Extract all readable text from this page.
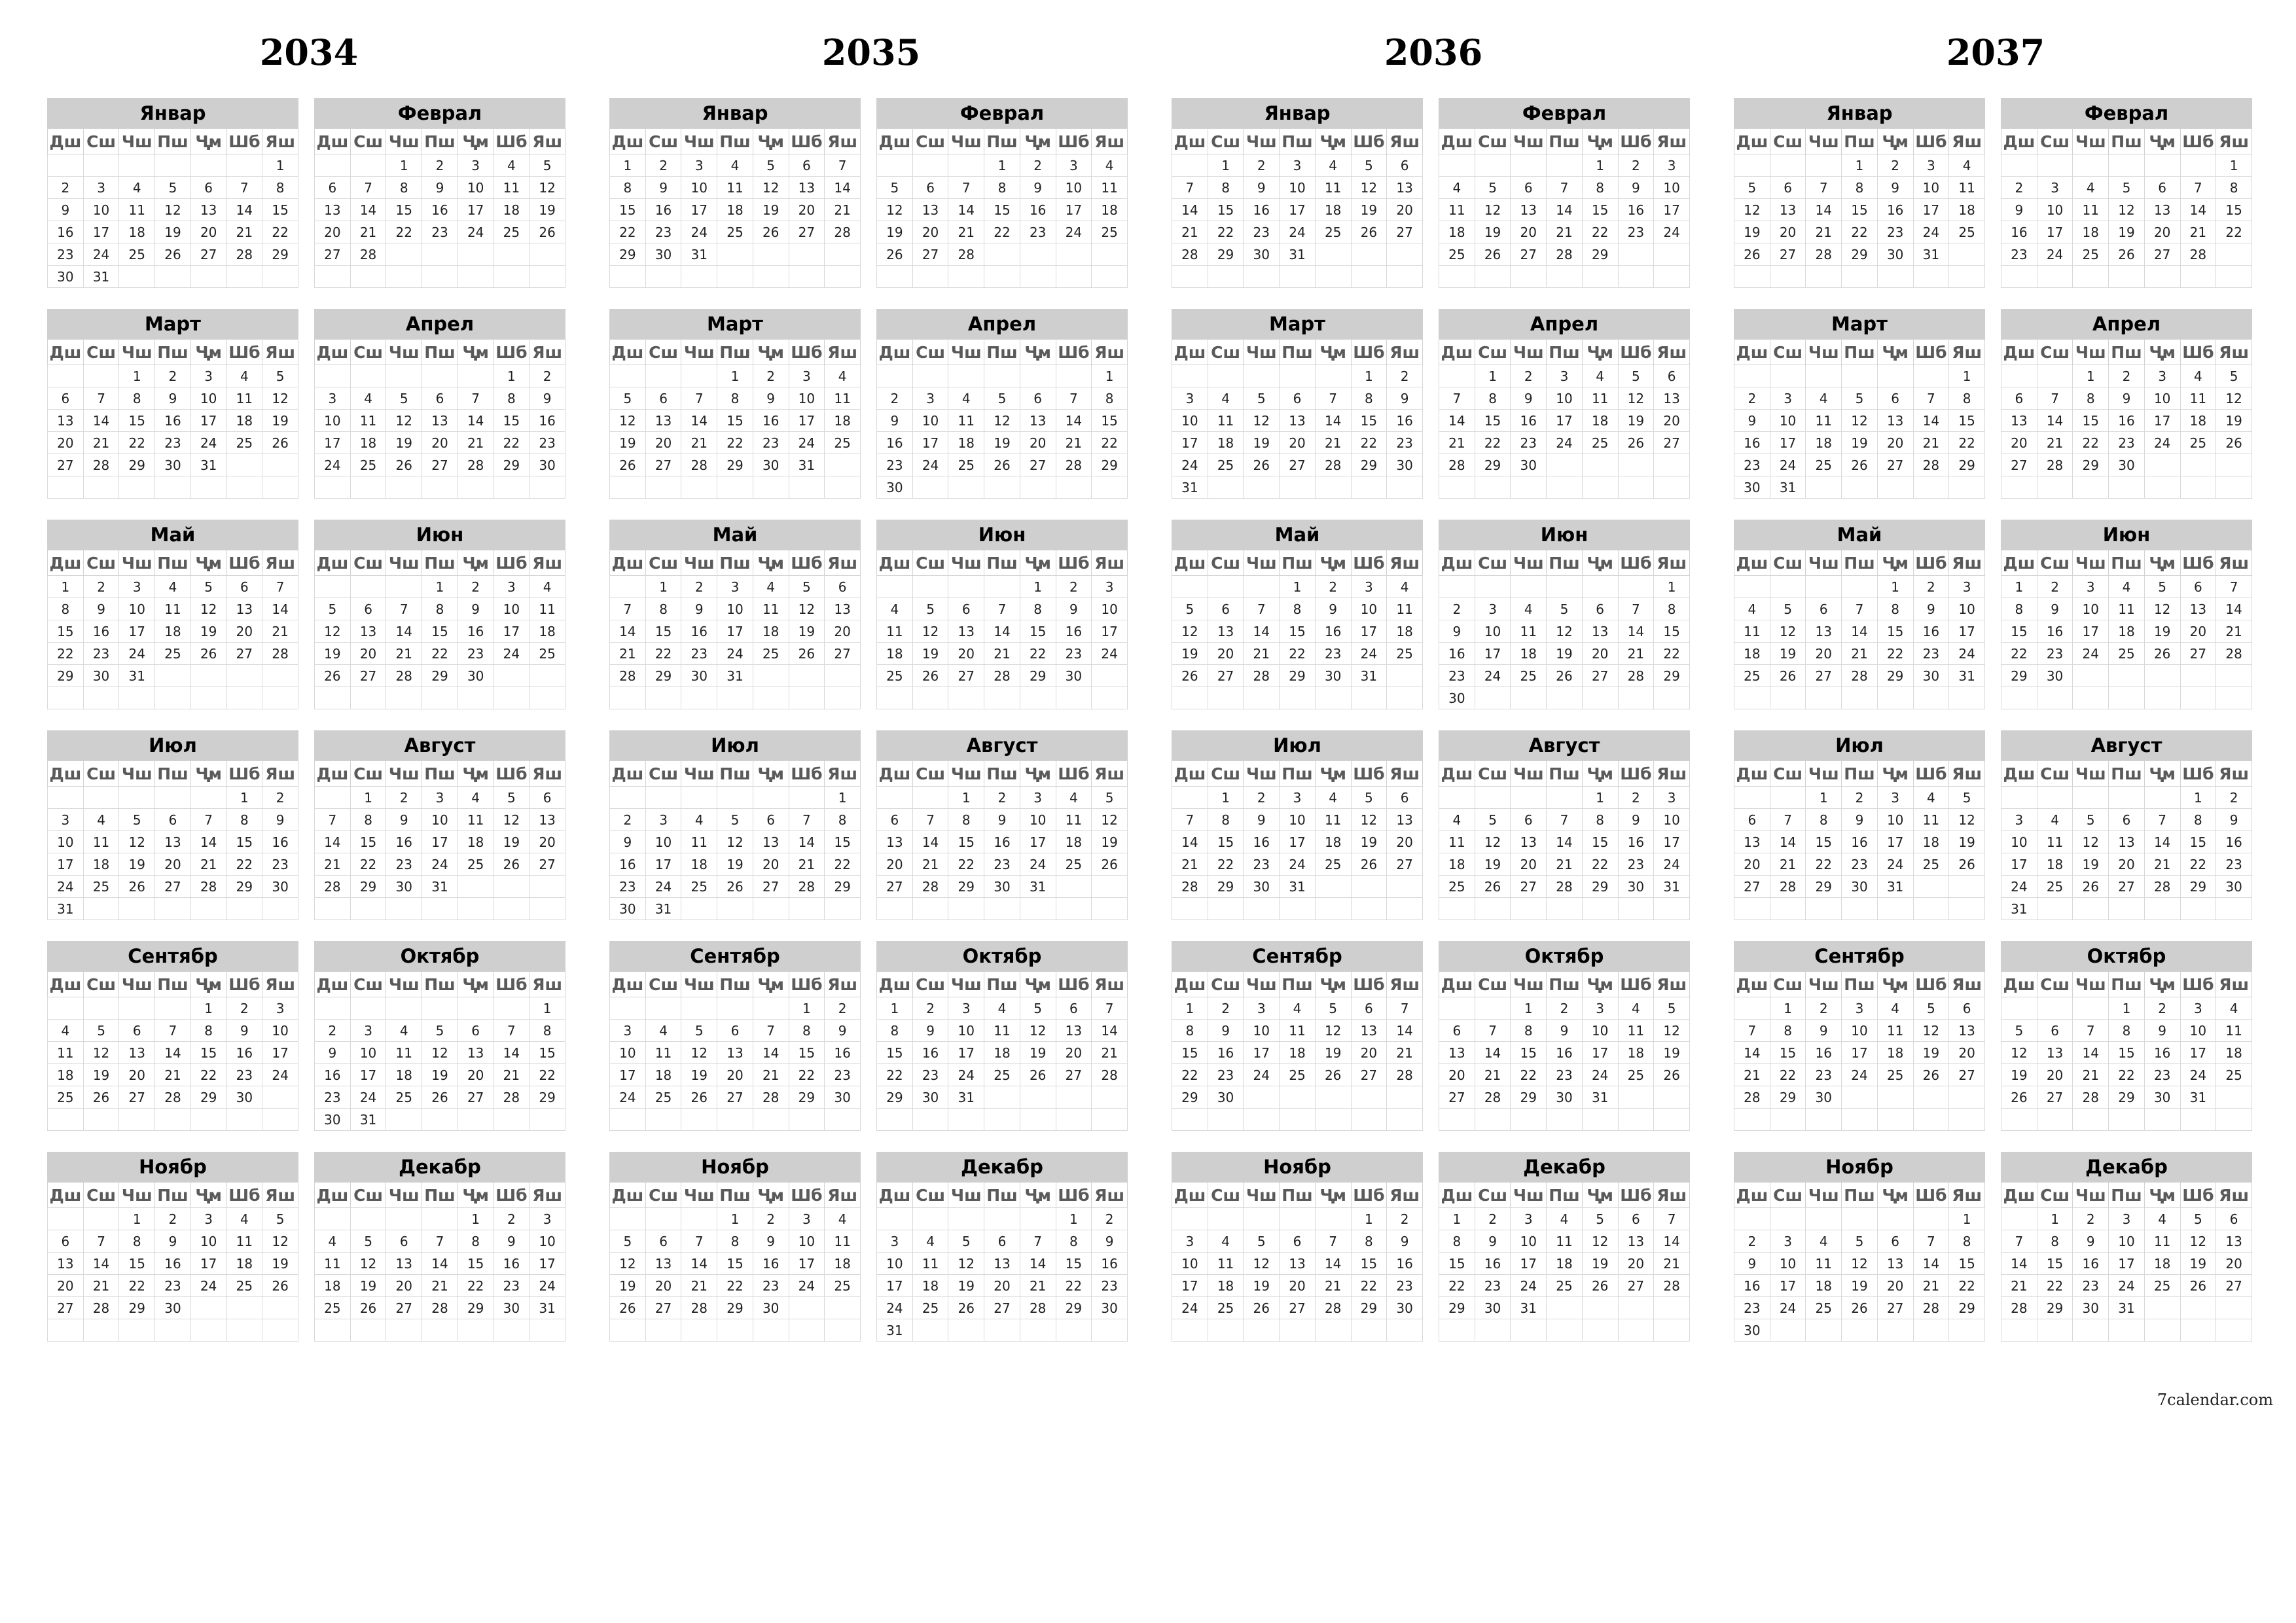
2034
Январ
Дш	Сш	Чш	Пш	Ҷм	Шб	Яш
						1
2	3	4	5	6	7	8
9	10	11	12	13	14	15
16	17	18	19	20	21	22
23	24	25	26	27	28	29
30	31					
Феврал
Дш	Сш	Чш	Пш	Ҷм	Шб	Яш
		1	2	3	4	5
6	7	8	9	10	11	12
13	14	15	16	17	18	19
20	21	22	23	24	25	26
27	28					

Март
Дш	Сш	Чш	Пш	Ҷм	Шб	Яш
		1	2	3	4	5
6	7	8	9	10	11	12
13	14	15	16	17	18	19
20	21	22	23	24	25	26
27	28	29	30	31		

Апрел
Дш	Сш	Чш	Пш	Ҷм	Шб	Яш
					1	2
3	4	5	6	7	8	9
10	11	12	13	14	15	16
17	18	19	20	21	22	23
24	25	26	27	28	29	30

Май
Дш	Сш	Чш	Пш	Ҷм	Шб	Яш
1	2	3	4	5	6	7
8	9	10	11	12	13	14
15	16	17	18	19	20	21
22	23	24	25	26	27	28
29	30	31				

Июн
Дш	Сш	Чш	Пш	Ҷм	Шб	Яш
			1	2	3	4
5	6	7	8	9	10	11
12	13	14	15	16	17	18
19	20	21	22	23	24	25
26	27	28	29	30		

Июл
Дш	Сш	Чш	Пш	Ҷм	Шб	Яш
					1	2
3	4	5	6	7	8	9
10	11	12	13	14	15	16
17	18	19	20	21	22	23
24	25	26	27	28	29	30
31						
Август
Дш	Сш	Чш	Пш	Ҷм	Шб	Яш
	1	2	3	4	5	6
7	8	9	10	11	12	13
14	15	16	17	18	19	20
21	22	23	24	25	26	27
28	29	30	31			

Сентябр
Дш	Сш	Чш	Пш	Ҷм	Шб	Яш
				1	2	3
4	5	6	7	8	9	10
11	12	13	14	15	16	17
18	19	20	21	22	23	24
25	26	27	28	29	30	

Октябр
Дш	Сш	Чш	Пш	Ҷм	Шб	Яш
						1
2	3	4	5	6	7	8
9	10	11	12	13	14	15
16	17	18	19	20	21	22
23	24	25	26	27	28	29
30	31					
Ноябр
Дш	Сш	Чш	Пш	Ҷм	Шб	Яш
		1	2	3	4	5
6	7	8	9	10	11	12
13	14	15	16	17	18	19
20	21	22	23	24	25	26
27	28	29	30			

Декабр
Дш	Сш	Чш	Пш	Ҷм	Шб	Яш
				1	2	3
4	5	6	7	8	9	10
11	12	13	14	15	16	17
18	19	20	21	22	23	24
25	26	27	28	29	30	31

2035
Январ
Дш	Сш	Чш	Пш	Ҷм	Шб	Яш
1	2	3	4	5	6	7
8	9	10	11	12	13	14
15	16	17	18	19	20	21
22	23	24	25	26	27	28
29	30	31				

Феврал
Дш	Сш	Чш	Пш	Ҷм	Шб	Яш
			1	2	3	4
5	6	7	8	9	10	11
12	13	14	15	16	17	18
19	20	21	22	23	24	25
26	27	28				

Март
Дш	Сш	Чш	Пш	Ҷм	Шб	Яш
			1	2	3	4
5	6	7	8	9	10	11
12	13	14	15	16	17	18
19	20	21	22	23	24	25
26	27	28	29	30	31	

Апрел
Дш	Сш	Чш	Пш	Ҷм	Шб	Яш
						1
2	3	4	5	6	7	8
9	10	11	12	13	14	15
16	17	18	19	20	21	22
23	24	25	26	27	28	29
30						
Май
Дш	Сш	Чш	Пш	Ҷм	Шб	Яш
	1	2	3	4	5	6
7	8	9	10	11	12	13
14	15	16	17	18	19	20
21	22	23	24	25	26	27
28	29	30	31			

Июн
Дш	Сш	Чш	Пш	Ҷм	Шб	Яш
				1	2	3
4	5	6	7	8	9	10
11	12	13	14	15	16	17
18	19	20	21	22	23	24
25	26	27	28	29	30	

Июл
Дш	Сш	Чш	Пш	Ҷм	Шб	Яш
						1
2	3	4	5	6	7	8
9	10	11	12	13	14	15
16	17	18	19	20	21	22
23	24	25	26	27	28	29
30	31					
Август
Дш	Сш	Чш	Пш	Ҷм	Шб	Яш
		1	2	3	4	5
6	7	8	9	10	11	12
13	14	15	16	17	18	19
20	21	22	23	24	25	26
27	28	29	30	31		

Сентябр
Дш	Сш	Чш	Пш	Ҷм	Шб	Яш
					1	2
3	4	5	6	7	8	9
10	11	12	13	14	15	16
17	18	19	20	21	22	23
24	25	26	27	28	29	30

Октябр
Дш	Сш	Чш	Пш	Ҷм	Шб	Яш
1	2	3	4	5	6	7
8	9	10	11	12	13	14
15	16	17	18	19	20	21
22	23	24	25	26	27	28
29	30	31				

Ноябр
Дш	Сш	Чш	Пш	Ҷм	Шб	Яш
			1	2	3	4
5	6	7	8	9	10	11
12	13	14	15	16	17	18
19	20	21	22	23	24	25
26	27	28	29	30		

Декабр
Дш	Сш	Чш	Пш	Ҷм	Шб	Яш
					1	2
3	4	5	6	7	8	9
10	11	12	13	14	15	16
17	18	19	20	21	22	23
24	25	26	27	28	29	30
31						
2036
Январ
Дш	Сш	Чш	Пш	Ҷм	Шб	Яш
	1	2	3	4	5	6
7	8	9	10	11	12	13
14	15	16	17	18	19	20
21	22	23	24	25	26	27
28	29	30	31			

Феврал
Дш	Сш	Чш	Пш	Ҷм	Шб	Яш
				1	2	3
4	5	6	7	8	9	10
11	12	13	14	15	16	17
18	19	20	21	22	23	24
25	26	27	28	29		

Март
Дш	Сш	Чш	Пш	Ҷм	Шб	Яш
					1	2
3	4	5	6	7	8	9
10	11	12	13	14	15	16
17	18	19	20	21	22	23
24	25	26	27	28	29	30
31						
Апрел
Дш	Сш	Чш	Пш	Ҷм	Шб	Яш
	1	2	3	4	5	6
7	8	9	10	11	12	13
14	15	16	17	18	19	20
21	22	23	24	25	26	27
28	29	30				

Май
Дш	Сш	Чш	Пш	Ҷм	Шб	Яш
			1	2	3	4
5	6	7	8	9	10	11
12	13	14	15	16	17	18
19	20	21	22	23	24	25
26	27	28	29	30	31	

Июн
Дш	Сш	Чш	Пш	Ҷм	Шб	Яш
						1
2	3	4	5	6	7	8
9	10	11	12	13	14	15
16	17	18	19	20	21	22
23	24	25	26	27	28	29
30						
Июл
Дш	Сш	Чш	Пш	Ҷм	Шб	Яш
	1	2	3	4	5	6
7	8	9	10	11	12	13
14	15	16	17	18	19	20
21	22	23	24	25	26	27
28	29	30	31			

Август
Дш	Сш	Чш	Пш	Ҷм	Шб	Яш
				1	2	3
4	5	6	7	8	9	10
11	12	13	14	15	16	17
18	19	20	21	22	23	24
25	26	27	28	29	30	31

Сентябр
Дш	Сш	Чш	Пш	Ҷм	Шб	Яш
1	2	3	4	5	6	7
8	9	10	11	12	13	14
15	16	17	18	19	20	21
22	23	24	25	26	27	28
29	30					

Октябр
Дш	Сш	Чш	Пш	Ҷм	Шб	Яш
		1	2	3	4	5
6	7	8	9	10	11	12
13	14	15	16	17	18	19
20	21	22	23	24	25	26
27	28	29	30	31		

Ноябр
Дш	Сш	Чш	Пш	Ҷм	Шб	Яш
					1	2
3	4	5	6	7	8	9
10	11	12	13	14	15	16
17	18	19	20	21	22	23
24	25	26	27	28	29	30

Декабр
Дш	Сш	Чш	Пш	Ҷм	Шб	Яш
1	2	3	4	5	6	7
8	9	10	11	12	13	14
15	16	17	18	19	20	21
22	23	24	25	26	27	28
29	30	31				

2037
Январ
Дш	Сш	Чш	Пш	Ҷм	Шб	Яш
			1	2	3	4
5	6	7	8	9	10	11
12	13	14	15	16	17	18
19	20	21	22	23	24	25
26	27	28	29	30	31	

Феврал
Дш	Сш	Чш	Пш	Ҷм	Шб	Яш
						1
2	3	4	5	6	7	8
9	10	11	12	13	14	15
16	17	18	19	20	21	22
23	24	25	26	27	28	

Март
Дш	Сш	Чш	Пш	Ҷм	Шб	Яш
						1
2	3	4	5	6	7	8
9	10	11	12	13	14	15
16	17	18	19	20	21	22
23	24	25	26	27	28	29
30	31					
Апрел
Дш	Сш	Чш	Пш	Ҷм	Шб	Яш
		1	2	3	4	5
6	7	8	9	10	11	12
13	14	15	16	17	18	19
20	21	22	23	24	25	26
27	28	29	30			

Май
Дш	Сш	Чш	Пш	Ҷм	Шб	Яш
				1	2	3
4	5	6	7	8	9	10
11	12	13	14	15	16	17
18	19	20	21	22	23	24
25	26	27	28	29	30	31

Июн
Дш	Сш	Чш	Пш	Ҷм	Шб	Яш
1	2	3	4	5	6	7
8	9	10	11	12	13	14
15	16	17	18	19	20	21
22	23	24	25	26	27	28
29	30					

Июл
Дш	Сш	Чш	Пш	Ҷм	Шб	Яш
		1	2	3	4	5
6	7	8	9	10	11	12
13	14	15	16	17	18	19
20	21	22	23	24	25	26
27	28	29	30	31		

Август
Дш	Сш	Чш	Пш	Ҷм	Шб	Яш
					1	2
3	4	5	6	7	8	9
10	11	12	13	14	15	16
17	18	19	20	21	22	23
24	25	26	27	28	29	30
31						
Сентябр
Дш	Сш	Чш	Пш	Ҷм	Шб	Яш
	1	2	3	4	5	6
7	8	9	10	11	12	13
14	15	16	17	18	19	20
21	22	23	24	25	26	27
28	29	30				

Октябр
Дш	Сш	Чш	Пш	Ҷм	Шб	Яш
			1	2	3	4
5	6	7	8	9	10	11
12	13	14	15	16	17	18
19	20	21	22	23	24	25
26	27	28	29	30	31	

Ноябр
Дш	Сш	Чш	Пш	Ҷм	Шб	Яш
						1
2	3	4	5	6	7	8
9	10	11	12	13	14	15
16	17	18	19	20	21	22
23	24	25	26	27	28	29
30						
Декабр
Дш	Сш	Чш	Пш	Ҷм	Шб	Яш
	1	2	3	4	5	6
7	8	9	10	11	12	13
14	15	16	17	18	19	20
21	22	23	24	25	26	27
28	29	30	31			

7calendar.com
